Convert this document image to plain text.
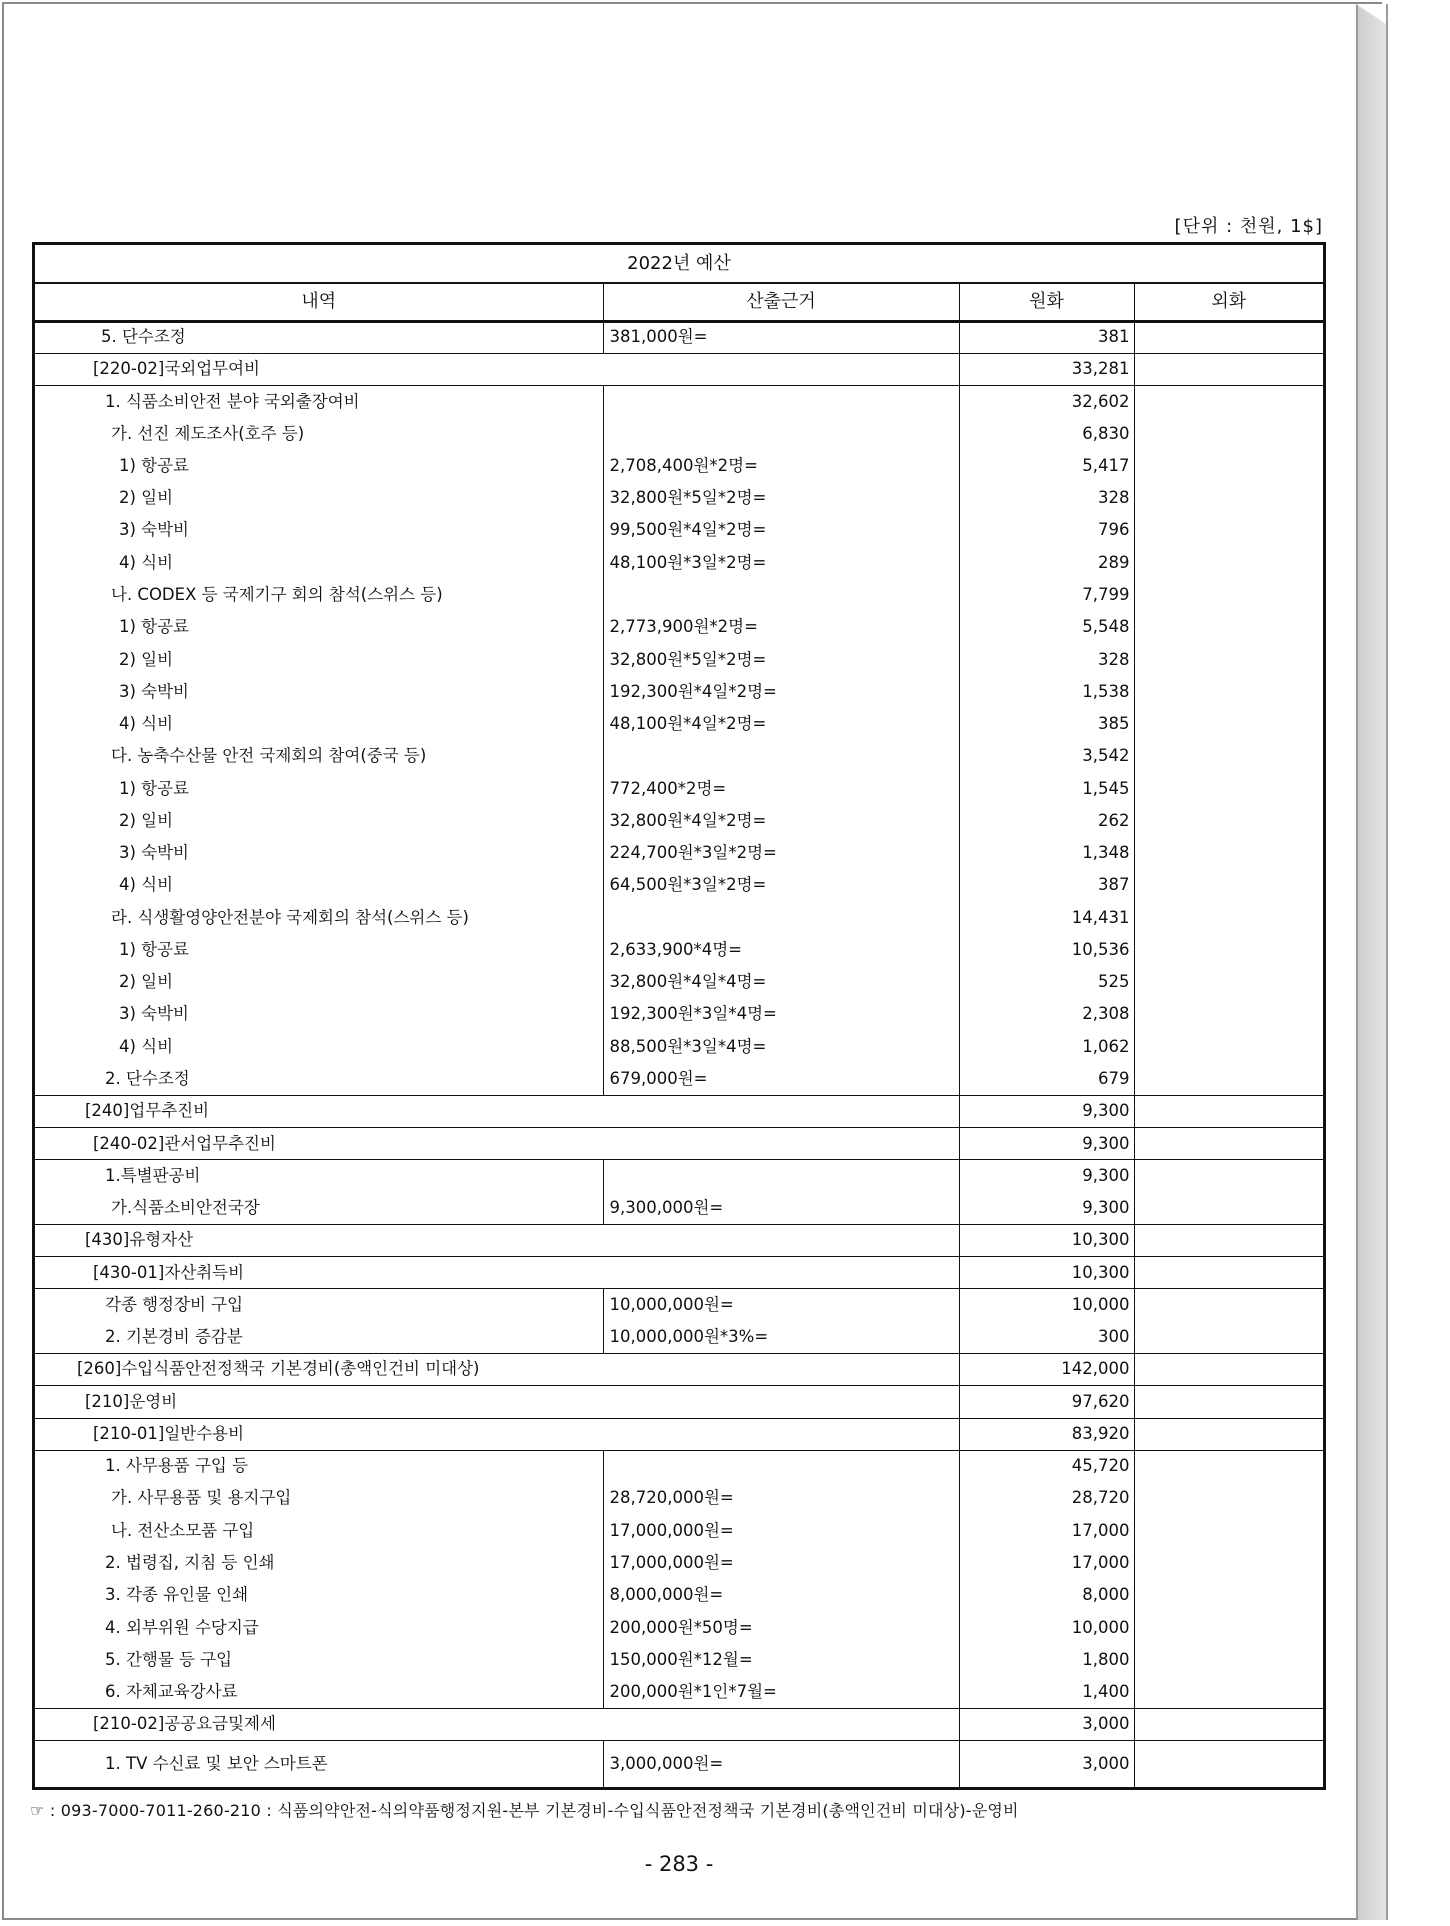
[단위 : 천원, 1$]
2022년 예산			
내역	산출근거	원화	외화
5. 단수조정	381,000원=	381	
[220-02]국외업무여비		33,281	
1. 식품소비안전 분야 국외출장여비		32,602	
가. 선진 제도조사(호주 등)		6,830	
1) 항공료	2,708,400원*2명=	5,417	
2) 일비	32,800원*5일*2명=	328	
3) 숙박비	99,500원*4일*2명=	796	
4) 식비	48,100원*3일*2명=	289	
나. CODEX 등 국제기구 회의 참석(스위스 등)		7,799	
1) 항공료	2,773,900원*2명=	5,548	
2) 일비	32,800원*5일*2명=	328	
3) 숙박비	192,300원*4일*2명=	1,538	
4) 식비	48,100원*4일*2명=	385	
다. 농축수산물 안전 국제회의 참여(중국 등)		3,542	
1) 항공료	772,400*2명=	1,545	
2) 일비	32,800원*4일*2명=	262	
3) 숙박비	224,700원*3일*2명=	1,348	
4) 식비	64,500원*3일*2명=	387	
라. 식생활영양안전분야 국제회의 참석(스위스 등)		14,431	
1) 항공료	2,633,900*4명=	10,536	
2) 일비	32,800원*4일*4명=	525	
3) 숙박비	192,300원*3일*4명=	2,308	
4) 식비	88,500원*3일*4명=	1,062	
2. 단수조정	679,000원=	679	
[240]업무추진비		9,300	
[240-02]관서업무추진비		9,300	
1.특별판공비		9,300	
가.식품소비안전국장	9,300,000원=	9,300	
[430]유형자산		10,300	
[430-01]자산취득비		10,300	
각종 행정장비 구입	10,000,000원=	10,000	
2. 기본경비 증감분	10,000,000원*3%=	300	
[260]수입식품안전정책국 기본경비(총액인건비 미대상)		142,000	
[210]운영비		97,620	
[210-01]일반수용비		83,920	
1. 사무용품 구입 등		45,720	
가. 사무용품 및 용지구입	28,720,000원=	28,720	
나. 전산소모품 구입	17,000,000원=	17,000	
2. 법령집, 지침 등 인쇄	17,000,000원=	17,000	
3. 각종 유인물 인쇄	8,000,000원=	8,000	
4. 외부위원 수당지급	200,000원*50명=	10,000	
5. 간행물 등 구입	150,000원*12월=	1,800	
6. 자체교육강사료	200,000원*1인*7월=	1,400	
[210-02]공공요금및제세		3,000	
1. TV 수신료 및 보안 스마트폰	3,000,000원=	3,000	
☞ : 093-7000-7011-260-210 : 식품의약안전-식의약품행정지원-본부 기본경비-수입식품안전정책국 기본경비(총액인건비 미대상)-운영비
- 283 -
